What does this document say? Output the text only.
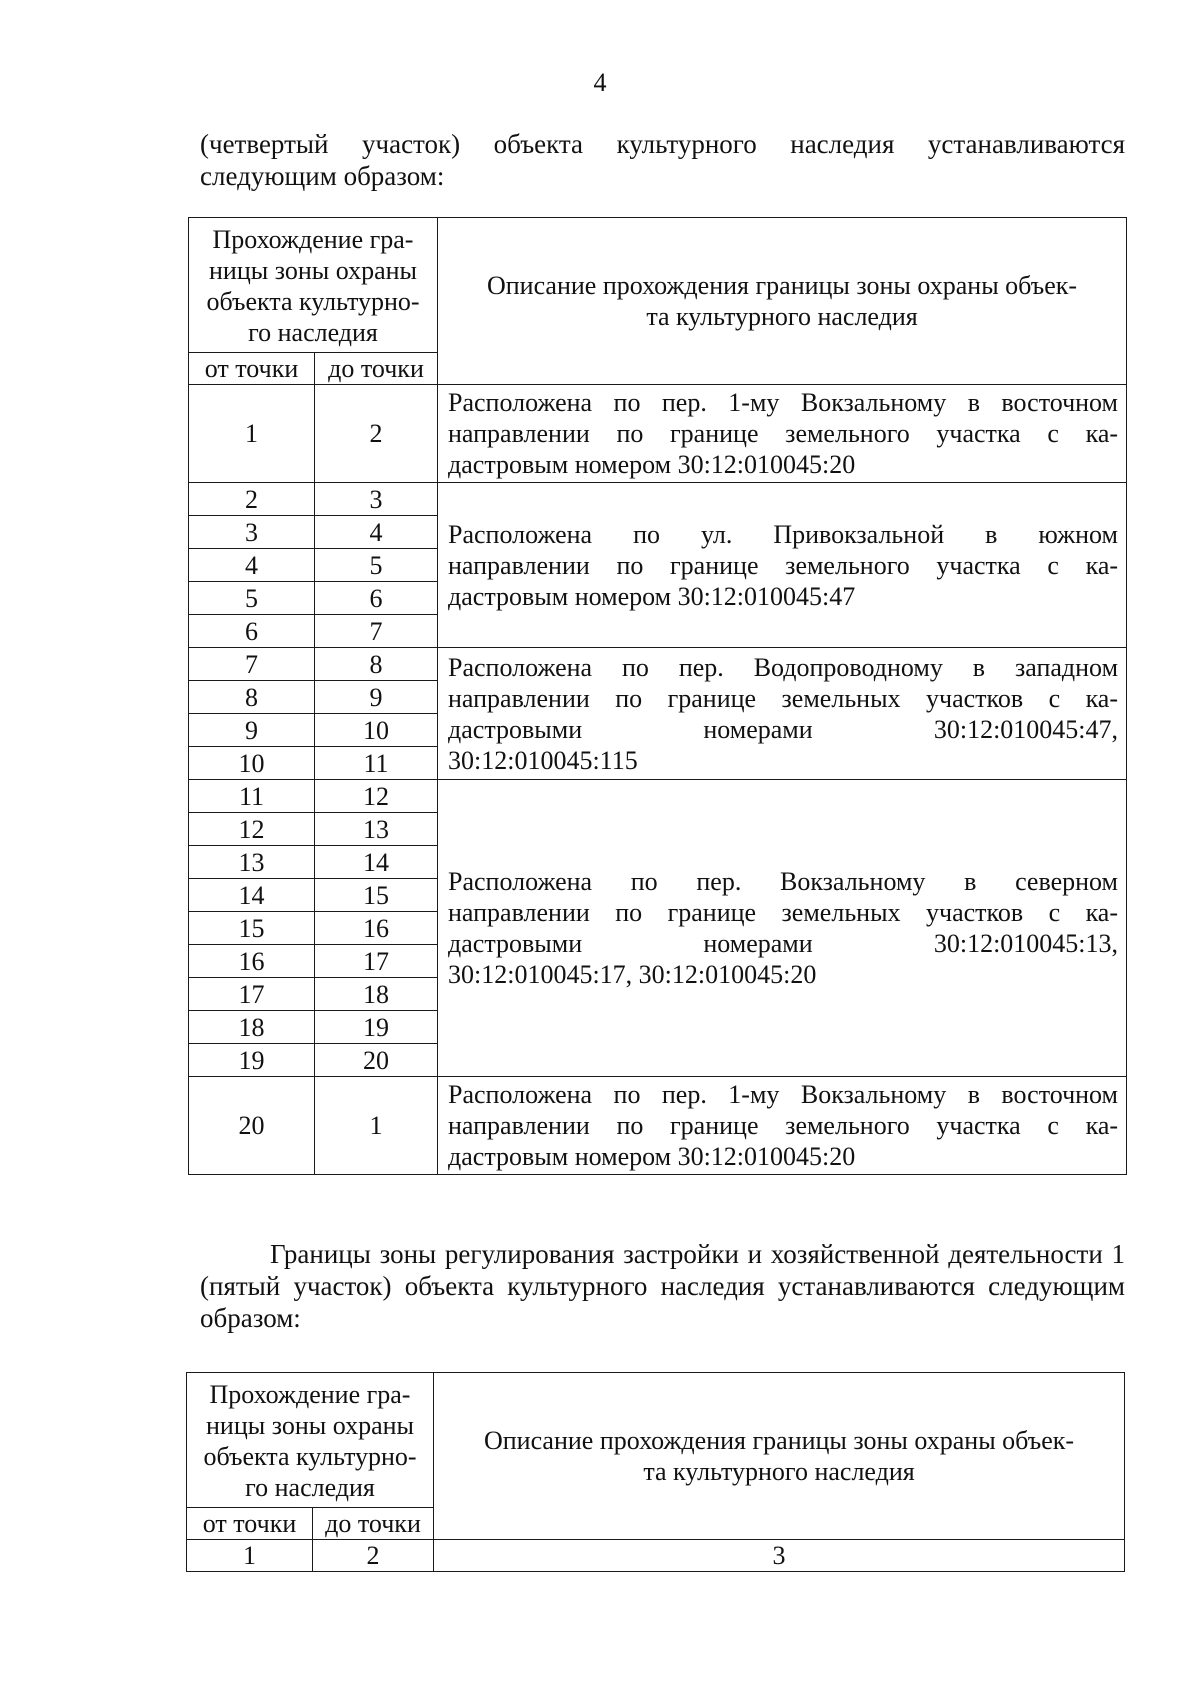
4

(четвертый участок) объекта культурного наследия устанавливаются следующим образом:

Прохождение гра-
ницы зоны охраны
объекта культурно-
го наследия		Описание прохождения границы зоны охраны объек-
та культурного наследия

от точки	до точки	
1	2	Расположена по пер. 1-му Вокзальному в восточном
направлении по границе земельного участка с ка-
дастровым номером 30:12:010045:20

2	3	Расположена по ул. Привокзальной в южном
направлении по границе земельного участка с ка-
дастровым номером 30:12:010045:47

3	4	
4	5	
5	6	
6	7	
7	8	Расположена по пер. Водопроводному в западном
направлении по границе земельных участков с ка-
дастровыми номерами 30:12:010045:47,
30:12:010045:115

8	9	
9	10	
10	11	
11	12	Расположена по пер. Вокзальному в северном
направлении по границе земельных участков с ка-
дастровыми номерами 30:12:010045:13,
30:12:010045:17, 30:12:010045:20

12	13	
13	14	
14	15	
15	16	
16	17	
17	18	
18	19	
19	20	
20	1	Расположена по пер. 1-му Вокзальному в восточном
направлении по границе земельного участка с ка-
дастровым номером 30:12:010045:20

Границы зоны регулирования застройки и хозяйственной деятельности 1 (пятый участок) объекта культурного наследия устанавливаются следующим образом:

Прохождение гра-
ницы зоны охраны
объекта культурно-
го наследия		Описание прохождения границы зоны охраны объек-
та культурного наследия

от точки	до точки	
1	2	3
